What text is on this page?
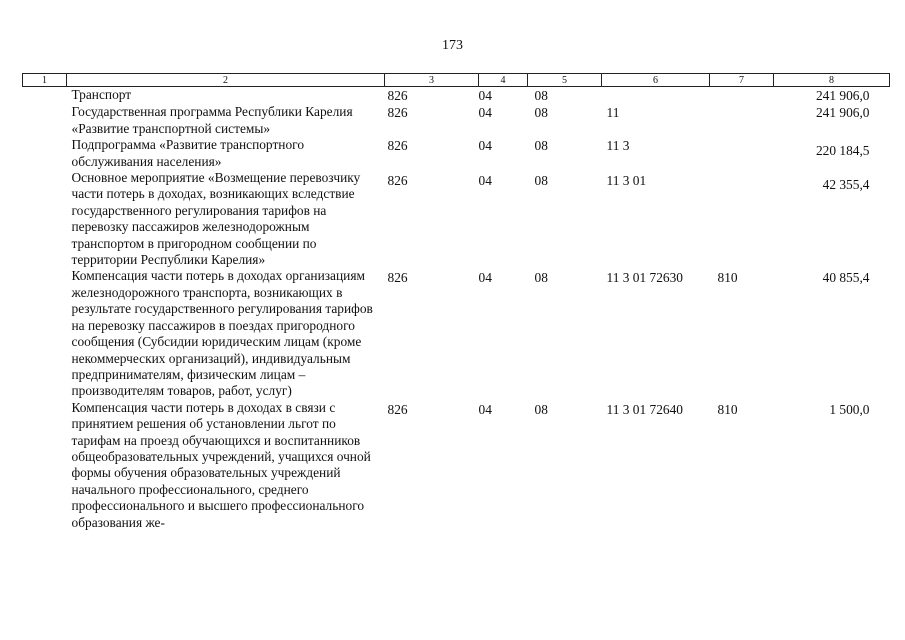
173
1	2	3	4	5	6	7	8
	Транспорт	826	04	08			241 906,0
	Государственная программа Республики Карелия «Развитие транспортной системы»	826	04	08	11		241 906,0
	Подпрограмма «Развитие транспортного обслуживания населения»	826	04	08	11 3		220 184,5
	Основное мероприятие «Возмещение перевозчику части потерь в доходах, возникающих вследствие государственного регулирования тарифов на перевозку пассажиров железнодорожным транспортом в пригородном сообщении по территории Республики Карелия»	826	04	08	11 3 01		42 355,4
	Компенсация части потерь в доходах организациям железнодорожного транспорта, возникающих в результате государственного регулирования тарифов на перевозку пассажиров в поездах пригородного сообщения (Субсидии юридическим лицам (кроме некоммерческих организаций), индивидуальным предпринимателям, физическим лицам – производителям товаров, работ, услуг)	826	04	08	11 3 01 72630	810	40 855,4
	Компенсация части потерь в доходах в связи с принятием решения об установлении льгот по тарифам на проезд обучающихся и воспитанников общеобразовательных учреждений, учащихся очной формы обучения образовательных учреждений начального профессионального, среднего профессионального и высшего профессионального образования же-	826	04	08	11 3 01 72640	810	1 500,0
